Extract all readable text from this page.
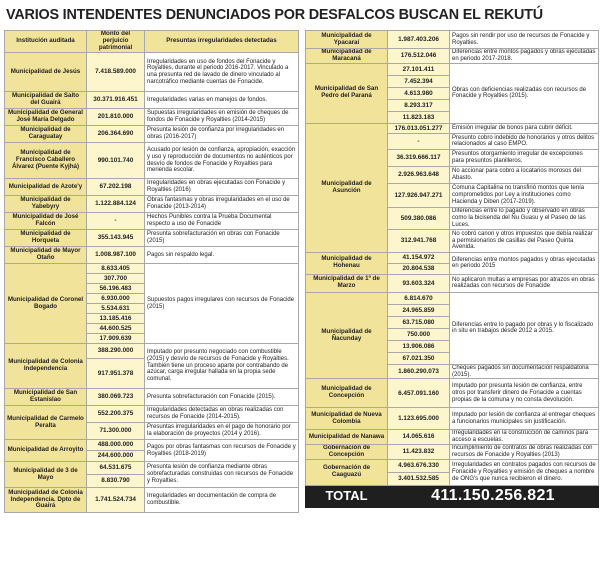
VARIOS INTENDENTES DENUNCIADOS POR DESFALCOS BUSCAN EL REKUTÚ
Institución auditada	Monto del perjuicio patrimonial	Presuntas irregularidades detectadas
Municipalidad de Jesús	7.418.589.000	Irregularidades en uso de fondos del Fonacide y Royalties, durante el periodo 2016-2017. Vinculado a una presunta red de lavado de dinero vinculado al narcotráfico mediante cuentas de Fonacide.
Municipalidad de Salto del Guairá	30.371.916.451	Irregularidades varias en manejos de fondos.
Municipalidad de General José María Delgado	201.810.000	Supuestas irregularidades en emisión de cheques de fondos de Fonacide y Royalties (2014-2015)
Municipalidad de Caraguatay	206.364.690	Presunta lesión de confianza por irregularidades en obras (2016-2017)
Municipalidad de Francisco Caballero Álvarez (Puente Kyjhá)	990.101.740	Acusado por lesión de confianza, apropiación, exacción y uso y reproducción de documentos no auténticos por desvío de fondos de Fonacide y Royalties para merienda escolar.
Municipalidad de Azote'y	67.202.198	Irregularidades en obras ejecutadas con Fonacide y Royalties (2016)
Municipalidad de Yabebyry	1.122.884.124	Obras fantasmas y obras irregularidades en el uso de Fonacide (2013-2014)
Municipalidad de José Falcón	-	Hechos Punibles contra la Prueba Documental respecto a uso de Fonacide
Municipalidad de Horqueta	355.143.945	Presunta sobrefacturación en obras con Fonacide (2015)
Municipalidad de Mayor Otaño	1.008.987.100	Pagos sin respaldo legal.
Municipalidad de Coronel Bogado	8.633.405	Supuestos pagos irregulares con recursos de Fonacide (2015)
	307.700	
	56.196.483	
	6.930.000	
	5.534.631	
	13.185.416	
	44.600.525	
	17.909.639	
Municipalidad de Colonia Independencia	388.290.000	Imputado por presunto negociado con combustible (2015) y desvío de recursos de Fonacide y Royalties. También tiene un proceso aparte por contrabando de azúcar, carga irregular hallada en la propia sede comunal.
	917.951.378	
Municipalidad de San Estanislao	380.069.723	Presunta sobrefacturación con Fonacide (2015).
Municipalidad de Carmelo Peralta	552.200.375	Irregularidades detectadas en obras realizadas con recursos de Fonacide (2014-2015).
	71.300.000	Presuntas irregularidades en el pago de honorario por la elaboración de proyectos (2014 y 2016).
Municipalidad de Arroyito	488.000.000	Pagos por obras fantasmas con recursos de Fonacide y Royalties (2018-2019)
	244.600.000	
Municipalidad de 3 de Mayo	64.531.675	Presunta lesión de confianza mediante obras sobrefacturadas construidas con recursos de Fonacide y Royalties.
	8.830.790	
Municipalidad de Colonia Independencia. Dpto de Guairá	1.741.524.734	Irregularidades en documentación de compra de combustible.
Municipalidad de Ypacaraí	1.987.403.206	Pagos sin rendir por uso de recursos de Fonacide y Royalties.
Municipalidad de Maracaná	176.512.046	Diferencias entre montos pagados y obras ejecutadas en periodo 2017-2018.
Municipalidad de San Pedro del Paraná	27.101.411	Obras con deficiencias realizadas con recursos de Fonacide y Royalties (2015).
	7.452.394	
	4.613.980	
	8.293.317	
	11.823.183	
Municipalidad de Asunción	176.013.051.277	Emisión irregular de bonos para cubrir déficit.
	-	Presunto cobro indebido de honorarios y otros delitos relacionados al caso EMPO.
	36.319.666.117	Presuntos otorgamiento irregular de excepciones para presuntos planilleros.
	2.926.963.648	No accionar para cobro a locatarios morosos del Abasto.
	127.926.947.271	Comuna Capitalina no transfirió montos que tenía comprometidos por Ley a instituciones como Hacienda y Diben (2017-2019).
	509.380.086	Diferencias entre lo pagado y observado en obras como la bicisenda del Ñu Guasu y el Paseo de las Luces.
	312.941.768	No cobró canon y otros impuestos que debía realizar a permisionarios de casillas del Paseo Quinta Avenida.
Municipalidad de Hohenau	41.154.972	Diferencias entre montos pagados y obras ejecutadas en periodo 2015
	20.804.538	
Municipalidad de 1º de Marzo	93.603.324	No aplicaron multas a empresas por atrazos en obras realizadas con recursos de Fonacide
Municipalidad de Ñacunday	6.814.670	Diferencias entre lo pagado por obras y lo fiscalizado in situ en trabajos desde 2012 a 2015.
	24.965.859	
	63.715.080	
	750.000	
	13.906.086	
	67.021.350	
	1.860.290.073	Cheques pagados sin documentación respaldatoria (2015).
Municipalidad de Concepción	6.457.091.160	Imputado por presunta lesión de confianza, entre otros por transferir dinero de Fonacide a cuentas propias de la comuna y no consta devolución.
Municipalidad de Nueva Colombia	1.123.695.000	Imputado por lesión de confianza al entregar cheques a funcionarios municipales sin justificación.
Municipalidad de Nanawa	14.065.616	Irregularidades en la construcción de caminos para acceso a escuelas.
Gobernación de Concepción	11.423.832	Incumplimiento de contratos de obras realizadas con recursos de Fonacide y Royalties (2013)
Gobernación de Caaguazú	4.963.676.330	Irregularidades en contratos pagados con recursos de Fonacide y Royalties y emisión de cheques a nombre de ONG's que nunca recibieron el dinero.
	3.401.532.585	
TOTAL	411.150.256.821	
